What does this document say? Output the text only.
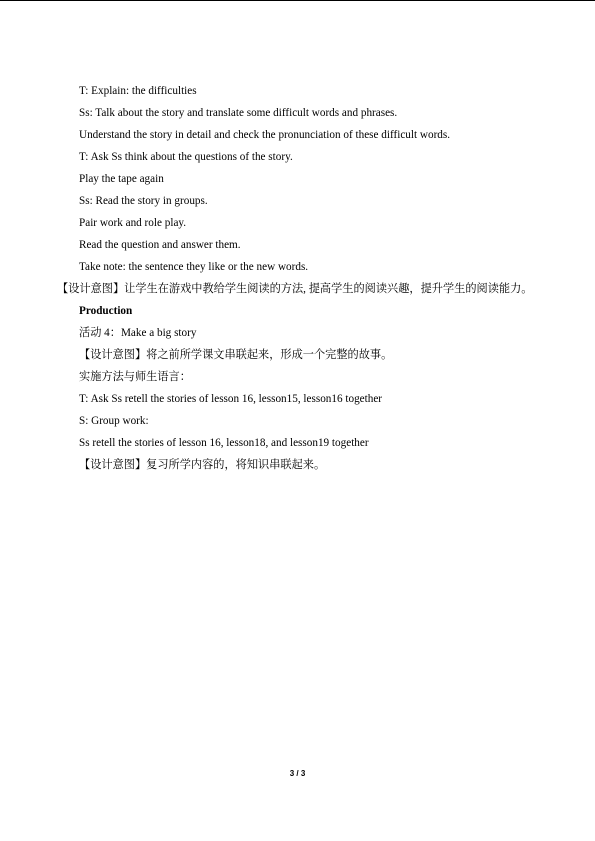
T: Explain: the difficulties
Ss: Talk about the story and translate some difficult words and phrases.
Understand the story in detail and check the pronunciation of these difficult words.
T: Ask Ss think about the questions of the story.
Play the tape again
Ss: Read the story in groups.
Pair work and role play.
Read the question and answer them.
Take note: the sentence they like or the new words.
【设计意图】让学生在游戏中教给学生阅读的方法, 提高学生的阅读兴趣，提升学生的阅读能力。
Production
活动 4：Make a big story
【设计意图】将之前所学课文串联起来，形成一个完整的故事。
实施方法与师生语言：
T: Ask Ss retell the stories of lesson 16, lesson15, lesson16 together
S: Group work:
Ss retell the stories of lesson 16, lesson18, and lesson19 together
【设计意图】复习所学内容的，将知识串联起来。
3 / 3
